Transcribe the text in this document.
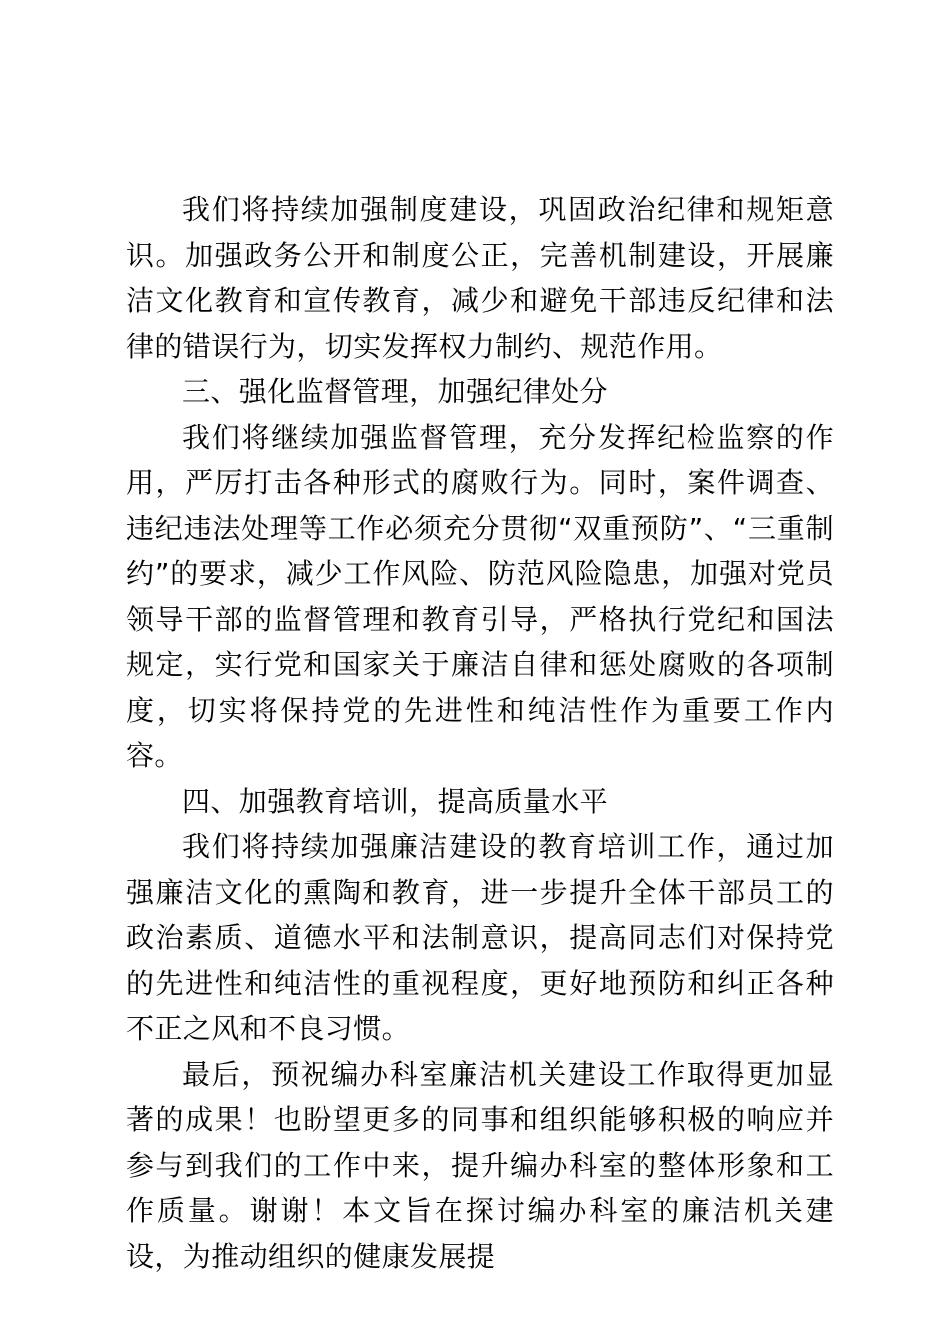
我们将持续加强制度建设，巩固政治纪律和规矩意识。加强政务公开和制度公正，完善机制建设，开展廉洁文化教育和宣传教育，减少和避免干部违反纪律和法律的错误行为，切实发挥权力制约、规范作用。

三、强化监督管理，加强纪律处分

我们将继续加强监督管理，充分发挥纪检监察的作用，严厉打击各种形式的腐败行为。同时，案件调查、违纪违法处理等工作必须充分贯彻“双重预防”、“三重制约”的要求，减少工作风险、防范风险隐患，加强对党员领导干部的监督管理和教育引导，严格执行党纪和国法规定，实行党和国家关于廉洁自律和惩处腐败的各项制度，切实将保持党的先进性和纯洁性作为重要工作内容。

四、加强教育培训，提高质量水平

我们将持续加强廉洁建设的教育培训工作，通过加强廉洁文化的熏陶和教育，进一步提升全体干部员工的政治素质、道德水平和法制意识，提高同志们对保持党的先进性和纯洁性的重视程度，更好地预防和纠正各种不正之风和不良习惯。

最后，预祝编办科室廉洁机关建设工作取得更加显著的成果！也盼望更多的同事和组织能够积极的响应并参与到我们的工作中来，提升编办科室的整体形象和工作质量。谢谢！本文旨在探讨编办科室的廉洁机关建设，为推动组织的健康发展提
